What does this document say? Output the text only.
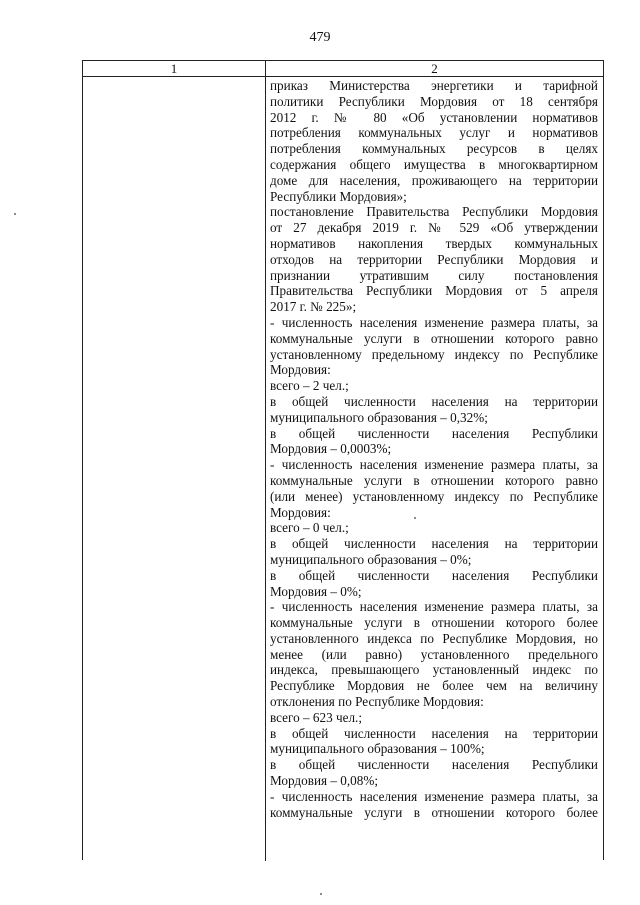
479
1	2
приказ Министерства энергетики и тарифной
политики Республики Мордовия от 18 сентября
2012 г. № 80 «Об установлении нормативов
потребления коммунальных услуг и нормативов
потребления коммунальных ресурсов в целях
содержания общего имущества в многоквартирном
доме для населения, проживающего на территории
Республики Мордовия»;
постановление Правительства Республики Мордовия
от 27 декабря 2019 г. № 529 «Об утверждении
нормативов накопления твердых коммунальных
отходов на территории Республики Мордовия и
признании утратившим силу постановления
Правительства Республики Мордовия от 5 апреля
2017 г. № 225»;
- численность населения изменение размера платы, за
коммунальные услуги в отношении которого равно
установленному предельному индексу по Республике
Мордовия:
всего – 2 чел.;
в общей численности населения на территории
муниципального образования – 0,32%;
в общей численности населения Республики
Мордовия – 0,0003%;
- численность населения изменение размера платы, за
коммунальные услуги в отношении которого равно
(или менее) установленному индексу по Республике
Мордовия:
всего – 0 чел.;
в общей численности населения на территории
муниципального образования – 0%;
в общей численности населения Республики
Мордовия – 0%;
- численность населения изменение размера платы, за
коммунальные услуги в отношении которого более
установленного индекса по Республике Мордовия, но
менее (или равно) установленного предельного
индекса, превышающего установленный индекс по
Республике Мордовия не более чем на величину
отклонения по Республике Мордовия:
всего – 623 чел.;
в общей численности населения на территории
муниципального образования – 100%;
в общей численности населения Республики
Мордовия – 0,08%;
- численность населения изменение размера платы, за
коммунальные услуги в отношении которого более
